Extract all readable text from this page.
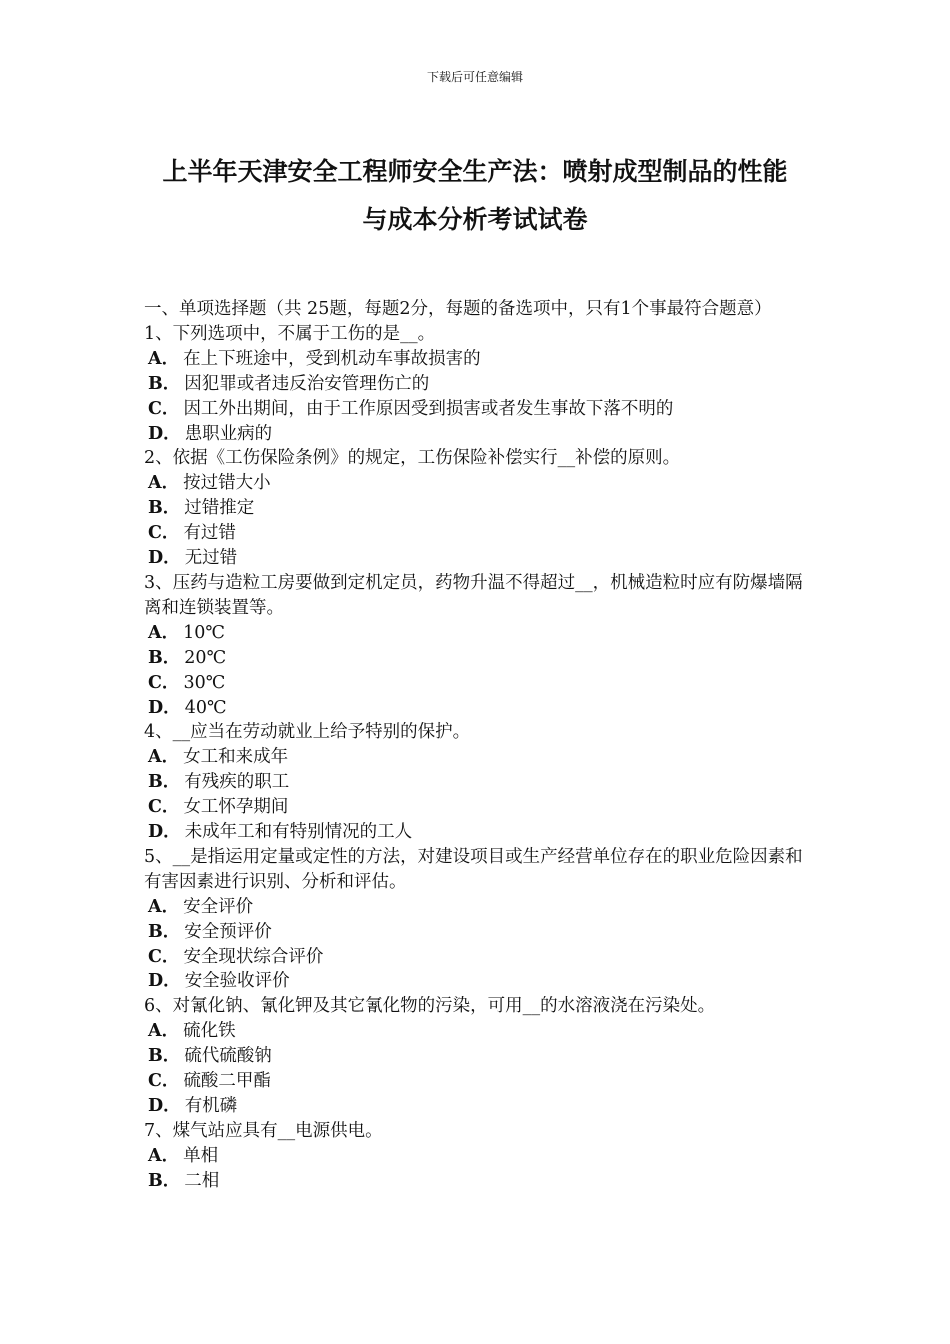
下载后可任意编辑
上半年天津安全工程师安全生产法：喷射成型制品的性能
与成本分析考试试卷

一、单项选择题（共 25题，每题2分，每题的备选项中，只有1个事最符合题意）

1、下列选项中，不属于工伤的是__。

A． 在上下班途中，受到机动车事故损害的

B． 因犯罪或者违反治安管理伤亡的

C． 因工外出期间，由于工作原因受到损害或者发生事故下落不明的

D． 患职业病的

2、依据《工伤保险条例》的规定，工伤保险补偿实行__补偿的原则。

A． 按过错大小

B． 过错推定

C． 有过错

D． 无过错

3、压药与造粒工房要做到定机定员，药物升温不得超过__，机械造粒时应有防爆墙隔离和连锁装置等。

A． 10℃

B． 20℃

C． 30℃

D． 40℃

4、__应当在劳动就业上给予特别的保护。

A． 女工和来成年

B． 有残疾的职工

C． 女工怀孕期间

D． 未成年工和有特别情况的工人

5、__是指运用定量或定性的方法，对建设项目或生产经营单位存在的职业危险因素和有害因素进行识别、分析和评估。

A． 安全评价

B． 安全预评价

C． 安全现状综合评价

D． 安全验收评价

6、对氰化钠、氰化钾及其它氰化物的污染，可用__的水溶液浇在污染处。

A． 硫化铁

B． 硫代硫酸钠

C． 硫酸二甲酯

D． 有机磷

7、煤气站应具有__电源供电。

A． 单相

B． 二相
